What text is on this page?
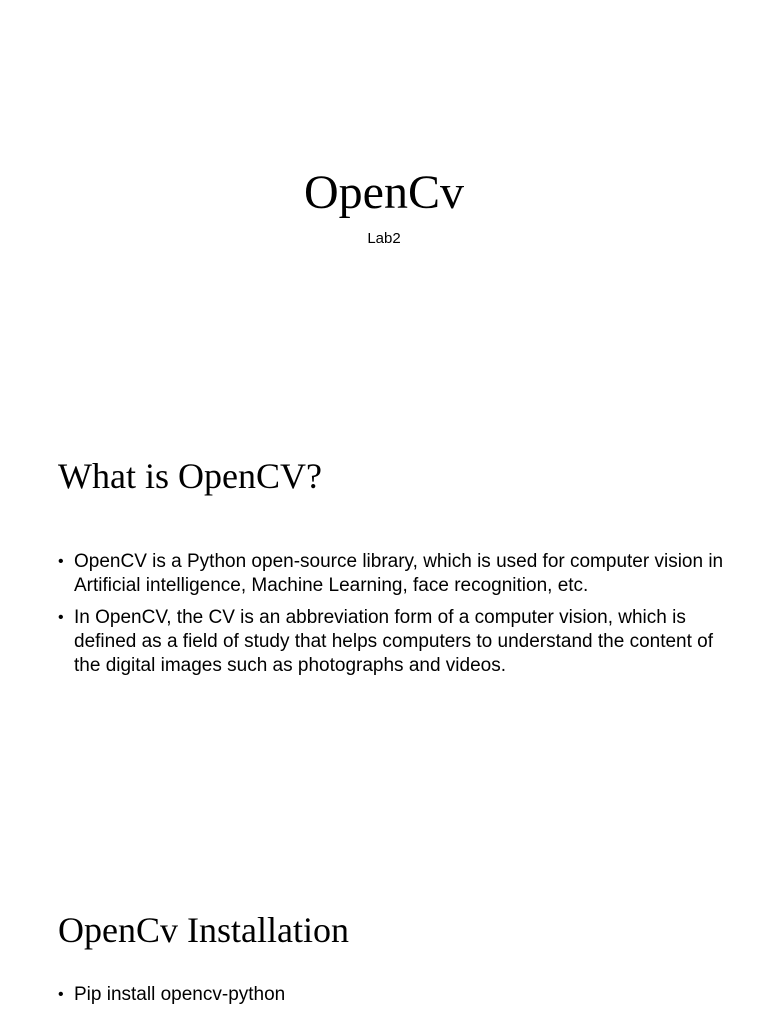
OpenCv

Lab2

What is OpenCV?
• OpenCV is a Python open-source library, which is used for computer vision in Artificial intelligence, Machine Learning, face recognition, etc.
• In OpenCV, the CV is an abbreviation form of a computer vision, which is defined as a field of study that helps computers to understand the content of the digital images such as photographs and videos.
OpenCv Installation
• Pip install opencv-python
